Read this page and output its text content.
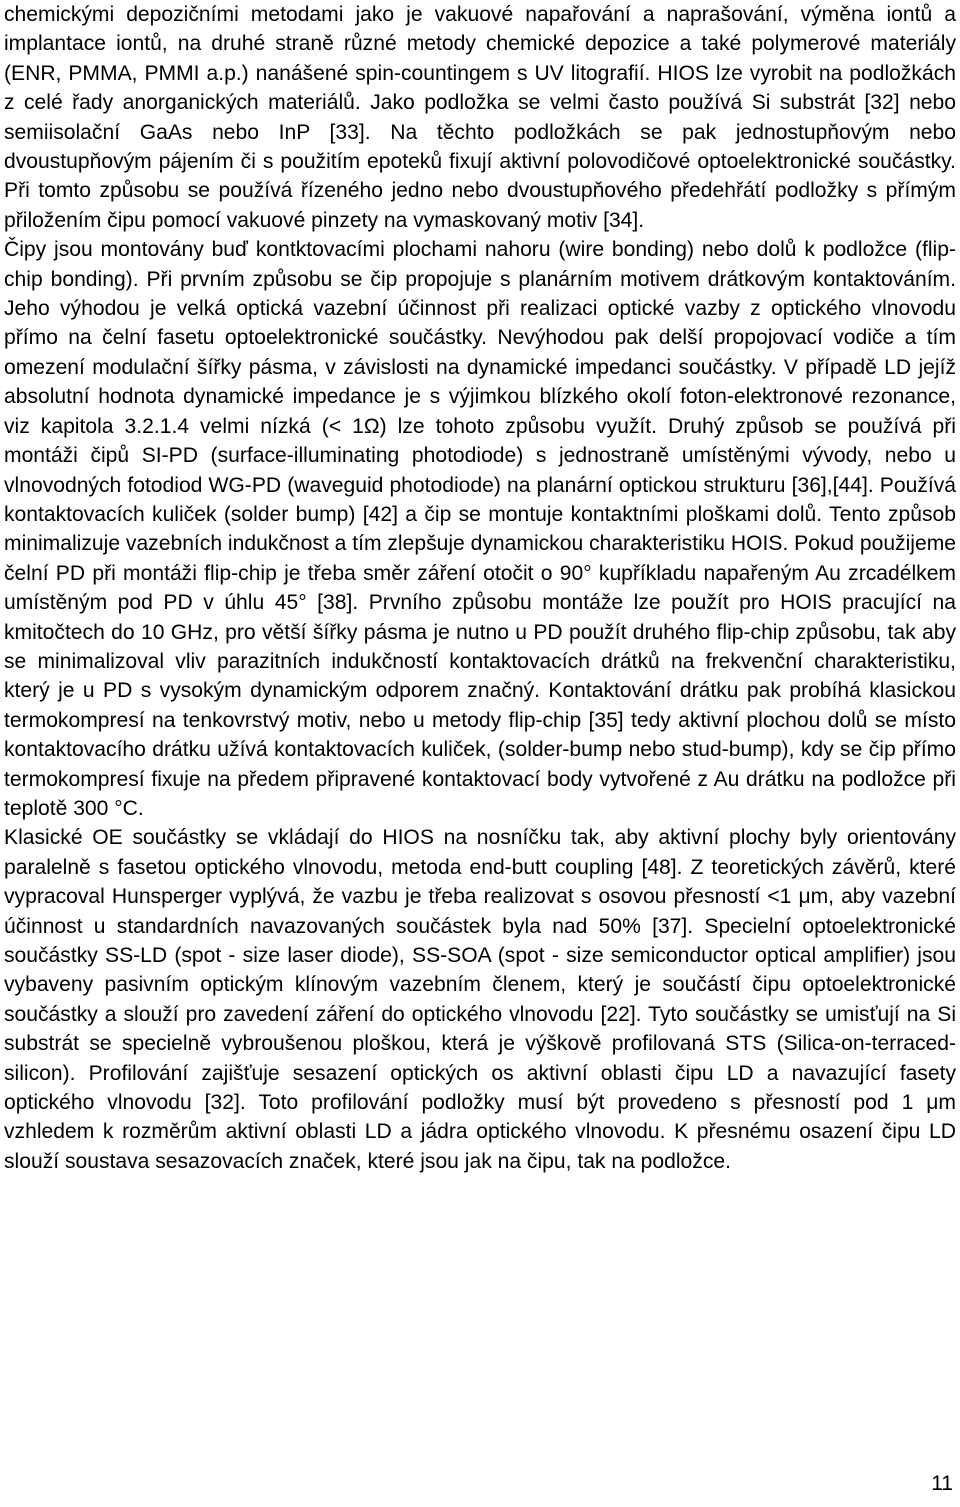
chemickými depozičními metodami jako je vakuové napařování a naprašování, výměna iontů a implantace iontů, na druhé straně různé metody chemické depozice a také polymerové materiály (ENR, PMMA, PMMI a.p.) nanášené spin-countingem s UV litografií. HIOS lze vyrobit na podložkách z celé řady anorganických materiálů. Jako podložka se velmi často používá Si substrát [32] nebo semiisolační GaAs nebo InP [33]. Na těchto podložkách se pak jednostupňovým nebo dvoustupňovým pájením či s použitím epoteků fixují aktivní polovodičové optoelektronické součástky. Při tomto způsobu se používá řízeného jedno nebo dvoustupňového předehřátí podložky s přímým přiložením čipu pomocí vakuové pinzety na vymaskovaný motiv [34].

Čipy jsou montovány buď kontktovacími plochami nahoru (wire bonding) nebo dolů k podložce (flip-chip bonding). Při prvním způsobu se čip propojuje s planárním motivem drátkovým kontaktováním. Jeho výhodou je velká optická vazební účinnost při realizaci optické vazby z optického vlnovodu přímo na čelní fasetu optoelektronické součástky. Nevýhodou pak delší propojovací vodiče a tím omezení modulační šířky pásma, v závislosti na dynamické impedanci součástky. V případě LD jejíž absolutní hodnota dynamické impedance je s výjimkou blízkého okolí foton-elektronové rezonance, viz kapitola 3.2.1.4 velmi nízká (< 1Ω) lze tohoto způsobu využít. Druhý způsob se používá při montáži čipů SI-PD (surface-illuminating photodiode) s jednostraně umístěnými vývody, nebo u vlnovodných fotodiod WG-PD (waveguid photodiode) na planární optickou strukturu [36],[44]. Používá kontaktovacích kuliček (solder bump) [42] a čip se montuje kontaktními ploškami dolů. Tento způsob minimalizuje vazebních indukčnost a tím zlepšuje dynamickou charakteristiku HOIS. Pokud použijeme čelní PD při montáži flip-chip je třeba směr záření otočit o 90° kupříkladu napařeným Au zrcadélkem umístěným pod PD v úhlu 45° [38]. Prvního způsobu montáže lze použít pro HOIS pracující na kmitočtech do 10 GHz, pro větší šířky pásma je nutno u PD použít druhého flip-chip způsobu, tak aby se minimalizoval vliv parazitních indukčností kontaktovacích drátků na frekvenční charakteristiku, který je u PD s vysokým dynamickým odporem značný. Kontaktování drátku pak probíhá klasickou termokompresí na tenkovrstvý motiv, nebo u metody flip-chip [35] tedy aktivní plochou dolů se místo kontaktovacího drátku užívá kontaktovacích kuliček, (solder-bump nebo stud-bump), kdy se čip přímo termokompresí fixuje na předem připravené kontaktovací body vytvořené z Au drátku na podložce při teplotě 300 °C.

Klasické OE součástky se vkládají do HIOS na nosníčku tak, aby aktivní plochy byly orientovány paralelně s fasetou optického vlnovodu, metoda end-butt coupling [48]. Z teoretických závěrů, které vypracoval Hunsperger vyplývá, že vazbu je třeba realizovat s osovou přesností <1 μm, aby vazební účinnost u standardních navazovaných součástek byla nad 50% [37]. Specielní optoelektronické součástky SS-LD (spot - size laser diode), SS-SOA (spot - size semiconductor optical amplifier) jsou vybaveny pasivním optickým klínovým vazebním členem, který je součástí čipu optoelektronické součástky a slouží pro zavedení záření do optického vlnovodu [22]. Tyto součástky se umisťují na Si substrát se specielně vybroušenou ploškou, která je výškově profilovaná STS (Silica-on-terraced-silicon). Profilování zajišťuje sesazení optických os aktivní oblasti čipu LD a navazující fasety optického vlnovodu [32]. Toto profilování podložky musí být provedeno s přesností pod 1 μm vzhledem k rozměrům aktivní oblasti LD a jádra optického vlnovodu. K přesnému osazení čipu LD slouží soustava sesazovacích značek, které jsou jak na čipu, tak na podložce.

11
